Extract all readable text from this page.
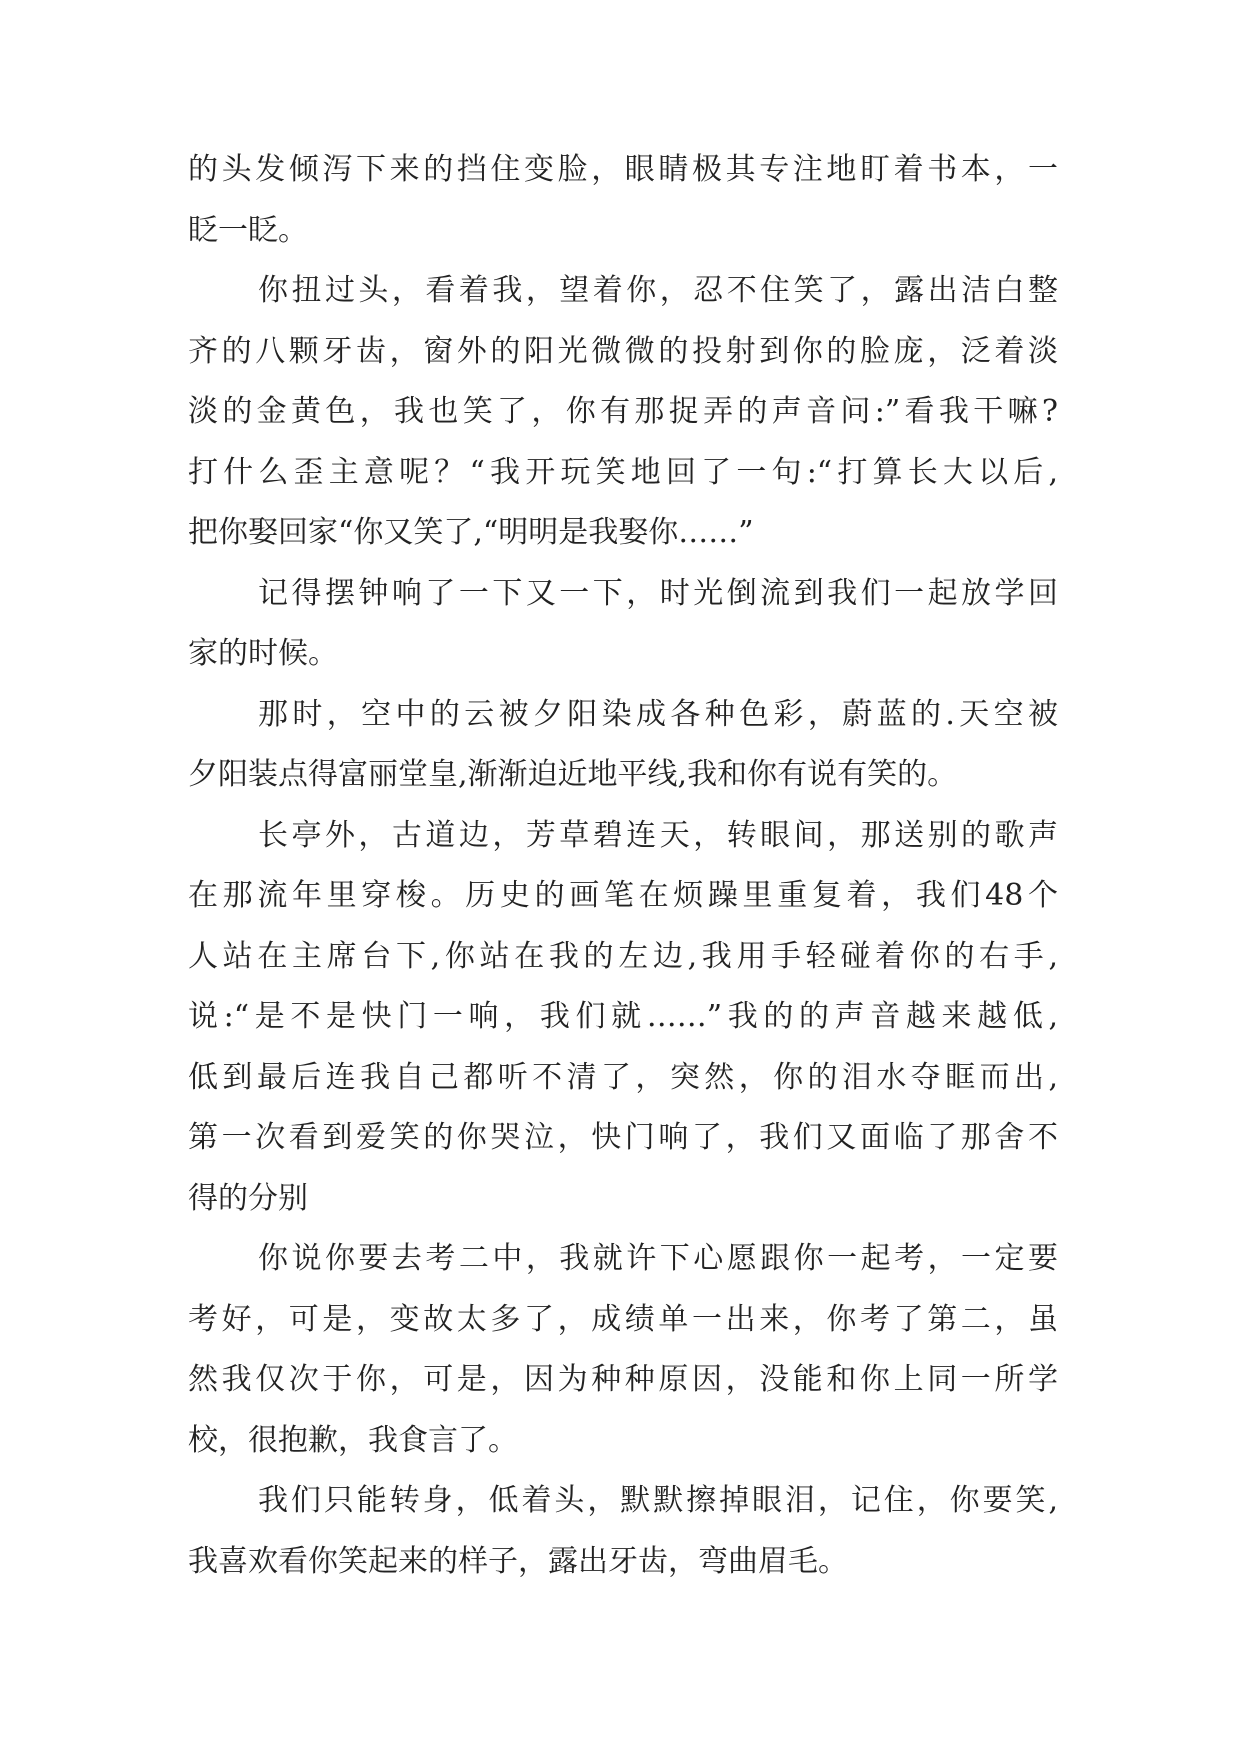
的头发倾泻下来的挡住变脸，眼睛极其专注地盯着书本，一
眨一眨。
你扭过头，看着我，望着你，忍不住笑了，露出洁白整
齐的八颗牙齿，窗外的阳光微微的投射到你的脸庞，泛着淡
淡的金黄色，我也笑了，你有那捉弄的声音问:”看我干嘛?
打什么歪主意呢？“我开玩笑地回了一句:“打算长大以后,
把你娶回家“你又笑了,“明明是我娶你……”
记得摆钟响了一下又一下，时光倒流到我们一起放学回
家的时候。
那时，空中的云被夕阳染成各种色彩，蔚蓝的.天空被
夕阳装点得富丽堂皇,渐渐迫近地平线,我和你有说有笑的。
长亭外，古道边，芳草碧连天，转眼间，那送别的歌声
在那流年里穿梭。历史的画笔在烦躁里重复着，我们48个
人站在主席台下,你站在我的左边,我用手轻碰着你的右手,
说:“是不是快门一响，我们就……”我的的声音越来越低,
低到最后连我自己都听不清了，突然，你的泪水夺眶而出,
第一次看到爱笑的你哭泣，快门响了，我们又面临了那舍不
得的分别
你说你要去考二中，我就许下心愿跟你一起考，一定要
考好，可是，变故太多了，成绩单一出来，你考了第二，虽
然我仅次于你，可是，因为种种原因，没能和你上同一所学
校，很抱歉，我食言了。
我们只能转身，低着头，默默擦掉眼泪，记住，你要笑,
我喜欢看你笑起来的样子，露出牙齿，弯曲眉毛。
